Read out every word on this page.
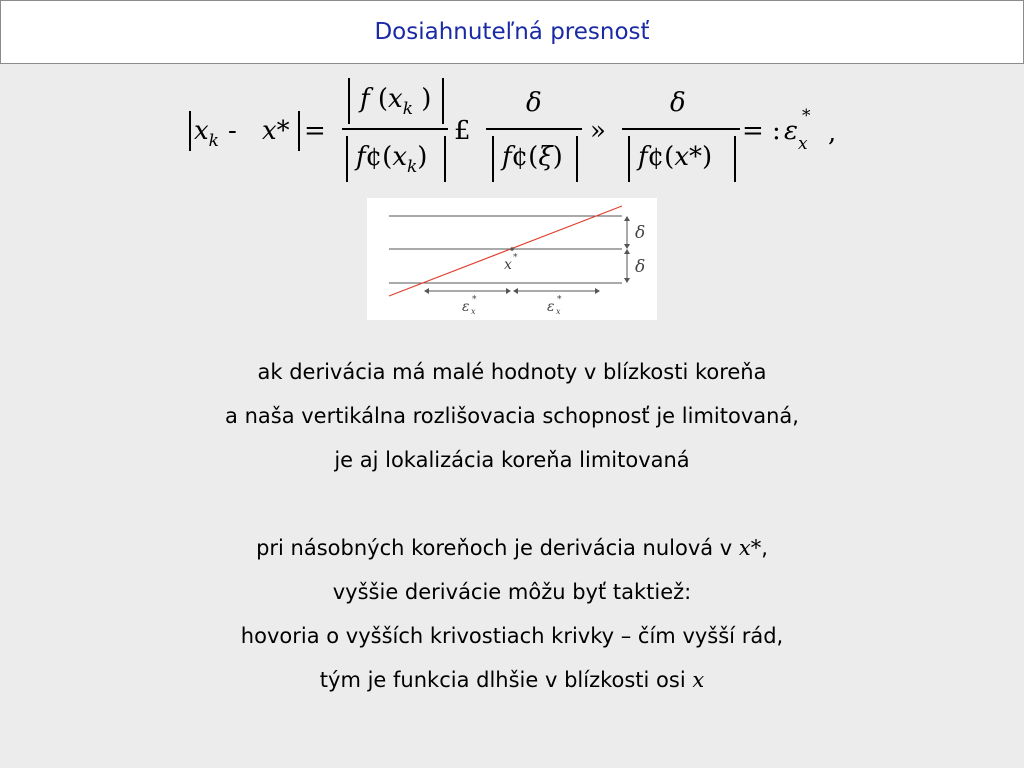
Dosiahnuteľná presnosť
$x_k - x*$ =
f ($x_k$ )
$f¢(x_k)$
£
δ
f¢(ξ)
»
δ
f¢(x*)
= : ε *
$_x$ ,
δ
δ
x *
ε x
*	ε x
*
ak derivácia má malé hodnoty v blízkosti koreňa
a naša vertikálna rozlišovacia schopnosť je limitovaná,
je aj lokalizácia koreňa limitovaná
pri násobných koreňoch je derivácia nulová v x*,
vyššie derivácie môžu byť taktiež:
hovoria o vyšších krivostiach krivky – čím vyšší rád,
tým je funkcia dlhšie v blízkosti osi x
